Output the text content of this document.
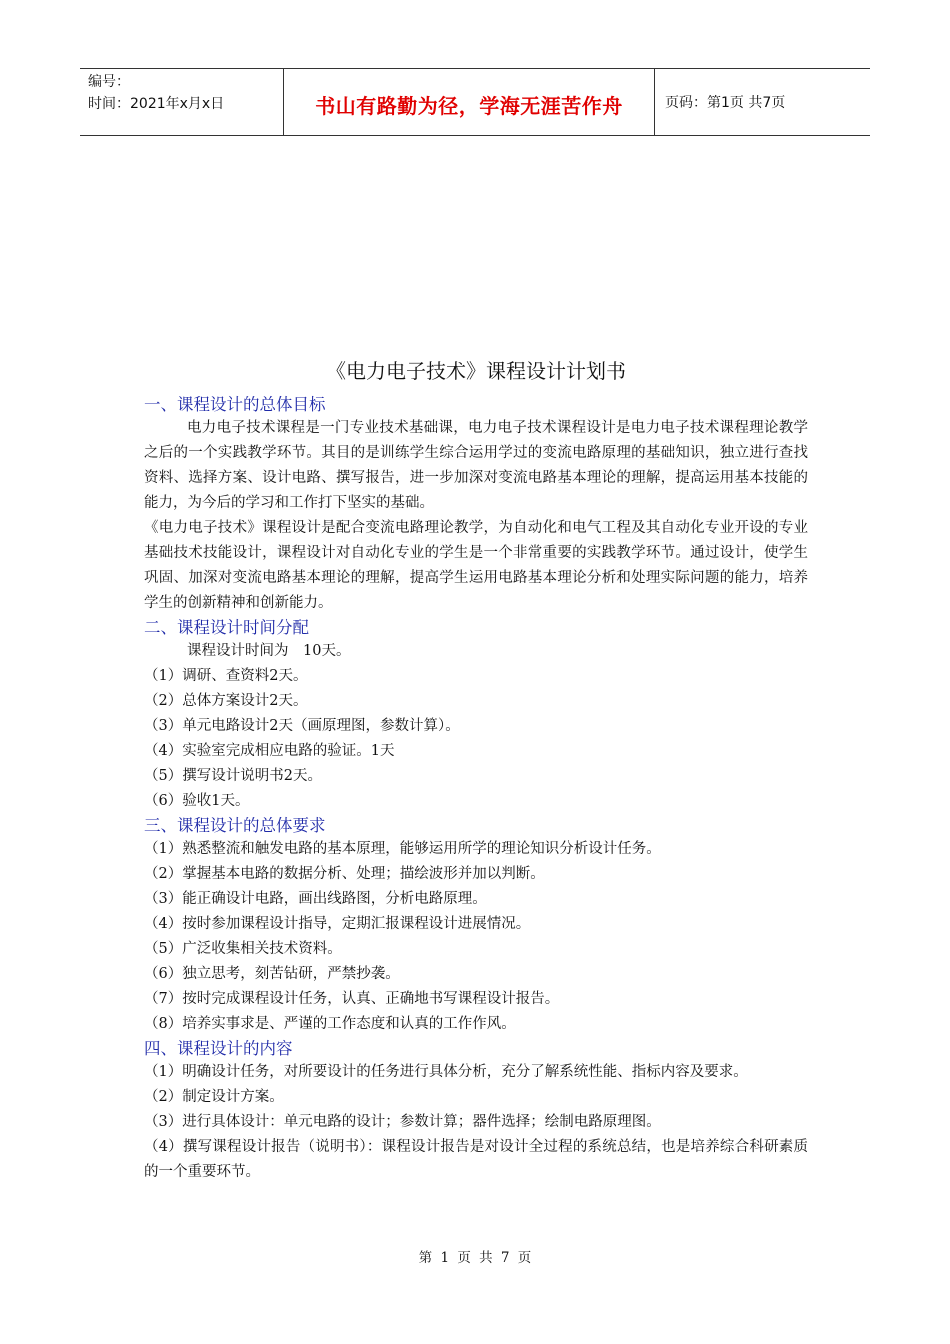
编号：
时间：2021年x月x日	书山有路勤为径，学海无涯苦作舟	页码：第1页 共7页
《电力电子技术》课程设计计划书
一、课程设计的总体目标

电力电子技术课程是一门专业技术基础课，电力电子技术课程设计是电力电子技术课程理论教学之后的一个实践教学环节。其目的是训练学生综合运用学过的变流电路原理的基础知识，独立进行查找资料、选择方案、设计电路、撰写报告，进一步加深对变流电路基本理论的理解，提高运用基本技能的能力，为今后的学习和工作打下坚实的基础。

《电力电子技术》课程设计是配合变流电路理论教学，为自动化和电气工程及其自动化专业开设的专业基础技术技能设计，课程设计对自动化专业的学生是一个非常重要的实践教学环节。通过设计，使学生巩固、加深对变流电路基本理论的理解，提高学生运用电路基本理论分析和处理实际问题的能力，培养学生的创新精神和创新能力。

二、课程设计时间分配

课程设计时间为　10天。

（1）调研、查资料2天。

（2）总体方案设计2天。

（3）单元电路设计2天（画原理图，参数计算）。

（4）实验室完成相应电路的验证。1天

（5）撰写设计说明书2天。

（6）验收1天。

三、课程设计的总体要求

（1）熟悉整流和触发电路的基本原理，能够运用所学的理论知识分析设计任务。

（2）掌握基本电路的数据分析、处理；描绘波形并加以判断。

（3）能正确设计电路，画出线路图，分析电路原理。

（4）按时参加课程设计指导，定期汇报课程设计进展情况。

（5）广泛收集相关技术资料。

（6）独立思考，刻苦钻研，严禁抄袭。

（7）按时完成课程设计任务，认真、正确地书写课程设计报告。

（8）培养实事求是、严谨的工作态度和认真的工作作风。

四、课程设计的内容

（1）明确设计任务，对所要设计的任务进行具体分析，充分了解系统性能、指标内容及要求。

（2）制定设计方案。

（3）进行具体设计：单元电路的设计；参数计算；器件选择；绘制电路原理图。

（4）撰写课程设计报告（说明书）：课程设计报告是对设计全过程的系统总结，也是培养综合科研素质的一个重要环节。

第 1 页 共 7 页
